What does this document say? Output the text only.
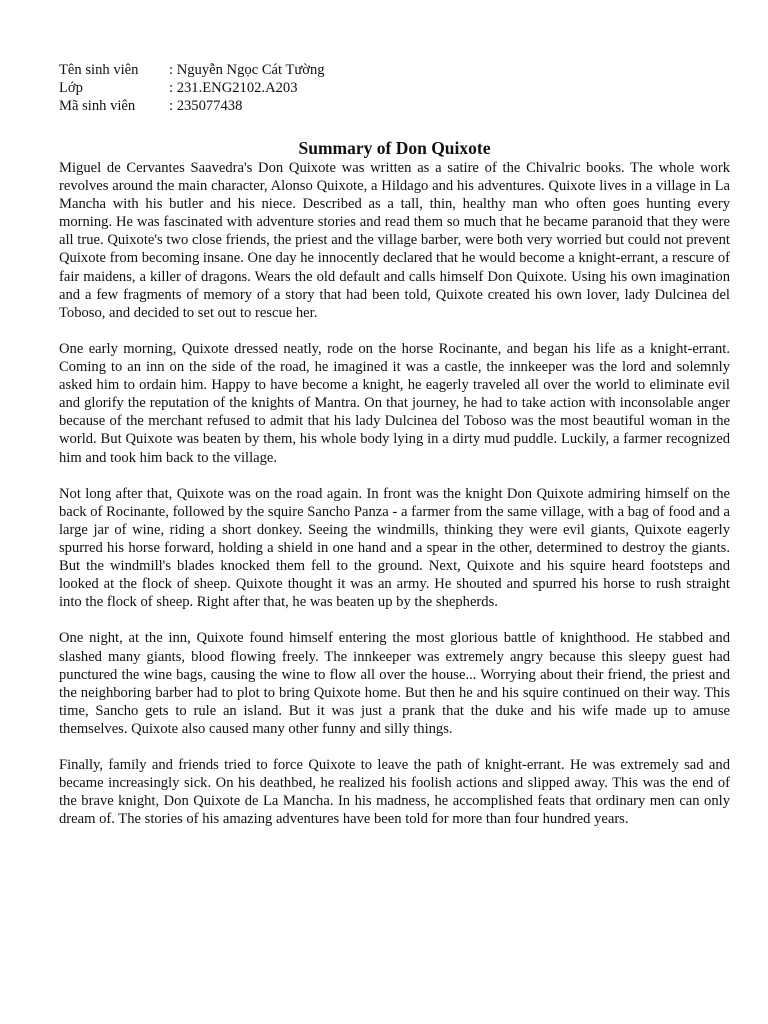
Tên sinh viên	: Nguyễn Ngọc Cát Tường
Lớp	: 231.ENG2102.A203
Mã sinh viên	: 235077438
Summary of Don Quixote

Miguel de Cervantes Saavedra's Don Quixote was written as a satire of the Chivalric books. The whole work revolves around the main character, Alonso Quixote, a Hildago and his adventures. Quixote lives in a village in La Mancha with his butler and his niece. Described as a tall, thin, healthy man who often goes hunting every morning. He was fascinated with adventure stories and read them so much that he became paranoid that they were all true. Quixote's two close friends, the priest and the village barber, were both very worried but could not prevent Quixote from becoming insane. One day he innocently declared that he would become a knight-errant, a rescure of fair maidens, a killer of dragons. Wears the old default and calls himself Don Quixote. Using his own imagination and a few fragments of memory of a story that had been told, Quixote created his own lover, lady Dulcinea del Toboso, and decided to set out to rescue her.

One early morning, Quixote dressed neatly, rode on the horse Rocinante, and began his life as a knight-errant. Coming to an inn on the side of the road, he imagined it was a castle, the innkeeper was the lord and solemnly asked him to ordain him. Happy to have become a knight, he eagerly traveled all over the world to eliminate evil and glorify the reputation of the knights of Mantra. On that journey, he had to take action with inconsolable anger because of the merchant refused to admit that his lady Dulcinea del Toboso was the most beautiful woman in the world. But Quixote was beaten by them, his whole body lying in a dirty mud puddle. Luckily, a farmer recognized him and took him back to the village.

Not long after that, Quixote was on the road again. In front was the knight Don Quixote admiring himself on the back of Rocinante, followed by the squire Sancho Panza - a farmer from the same village, with a bag of food and a large jar of wine, riding a short donkey. Seeing the windmills, thinking they were evil giants, Quixote eagerly spurred his horse forward, holding a shield in one hand and a spear in the other, determined to destroy the giants. But the windmill's blades knocked them fell to the ground. Next, Quixote and his squire heard footsteps and looked at the flock of sheep. Quixote thought it was an army. He shouted and spurred his horse to rush straight into the flock of sheep. Right after that, he was beaten up by the shepherds.

One night, at the inn, Quixote found himself entering the most glorious battle of knighthood. He stabbed and slashed many giants, blood flowing freely. The innkeeper was extremely angry because this sleepy guest had punctured the wine bags, causing the wine to flow all over the house... Worrying about their friend, the priest and the neighboring barber had to plot to bring Quixote home. But then he and his squire continued on their way. This time, Sancho gets to rule an island. But it was just a prank that the duke and his wife made up to amuse themselves. Quixote also caused many other funny and silly things.

Finally, family and friends tried to force Quixote to leave the path of knight-errant. He was extremely sad and became increasingly sick. On his deathbed, he realized his foolish actions and slipped away. This was the end of the brave knight, Don Quixote de La Mancha. In his madness, he accomplished feats that ordinary men can only dream of. The stories of his amazing adventures have been told for more than four hundred years.
